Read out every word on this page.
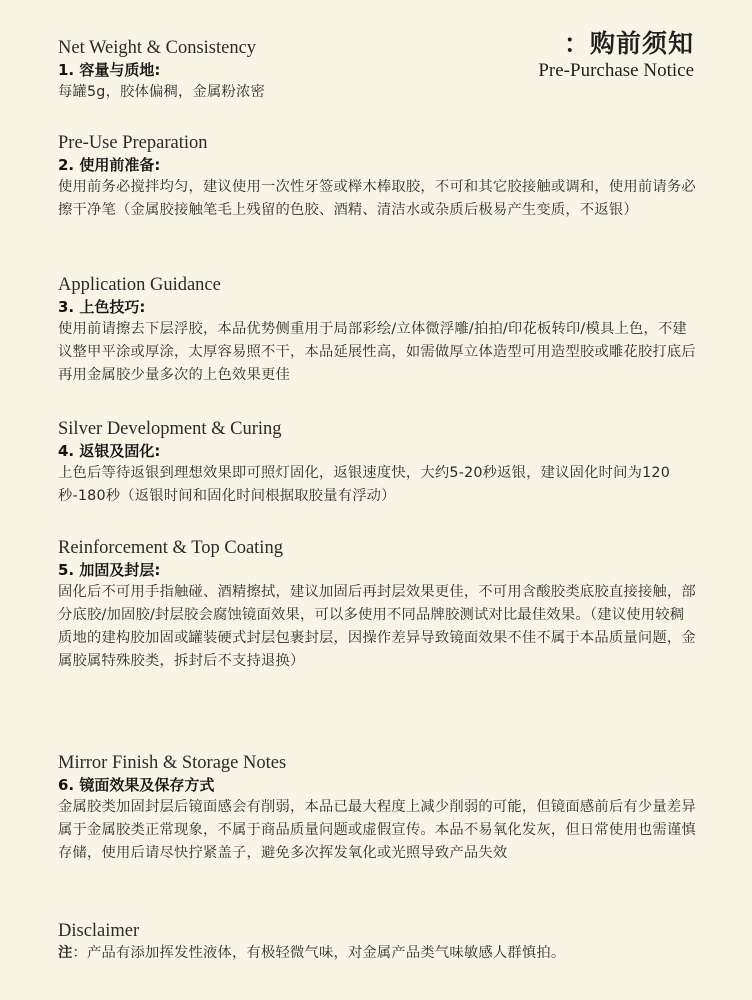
：购前须知
Pre-Purchase Notice
Net Weight & Consistency
1. 容量与质地:
每罐5g，胶体偏稠，金属粉浓密
Pre-Use Preparation
2. 使用前准备:
使用前务必搅拌均匀，建议使用一次性牙签或榉木棒取胶，不可和其它胶接触或调和，使用前请务必擦干净笔（金属胶接触笔毛上残留的色胶、酒精、清洁水或杂质后极易产生变质，不返银）
Application Guidance
3. 上色技巧:
使用前请擦去下层浮胶，本品优势侧重用于局部彩绘/立体微浮雕/拍拍/印花板转印/模具上色，不建议整甲平涂或厚涂，太厚容易照不干，本品延展性高，如需做厚立体造型可用造型胶或雕花胶打底后再用金属胶少量多次的上色效果更佳
Silver Development & Curing
4. 返银及固化:
上色后等待返银到理想效果即可照灯固化，返银速度快，大约5-20秒返银，建议固化时间为120秒-180秒（返银时间和固化时间根据取胶量有浮动）
Reinforcement & Top Coating
5. 加固及封层:
固化后不可用手指触碰、酒精擦拭，建议加固后再封层效果更佳，不可用含酸胶类底胶直接接触，部分底胶/加固胶/封层胶会腐蚀镜面效果，可以多使用不同品牌胶测试对比最佳效果。（建议使用较稠质地的建构胶加固或罐装硬式封层包裹封层，因操作差异导致镜面效果不佳不属于本品质量问题，金属胶属特殊胶类，拆封后不支持退换）
Mirror Finish & Storage Notes
6. 镜面效果及保存方式
金属胶类加固封层后镜面感会有削弱，本品已最大程度上减少削弱的可能，但镜面感前后有少量差异属于金属胶类正常现象，不属于商品质量问题或虚假宣传。本品不易氧化发灰，但日常使用也需谨慎存储，使用后请尽快拧紧盖子，避免多次挥发氧化或光照导致产品失效
Disclaimer
注：产品有添加挥发性液体，有极轻微气味，对金属产品类气味敏感人群慎拍。
